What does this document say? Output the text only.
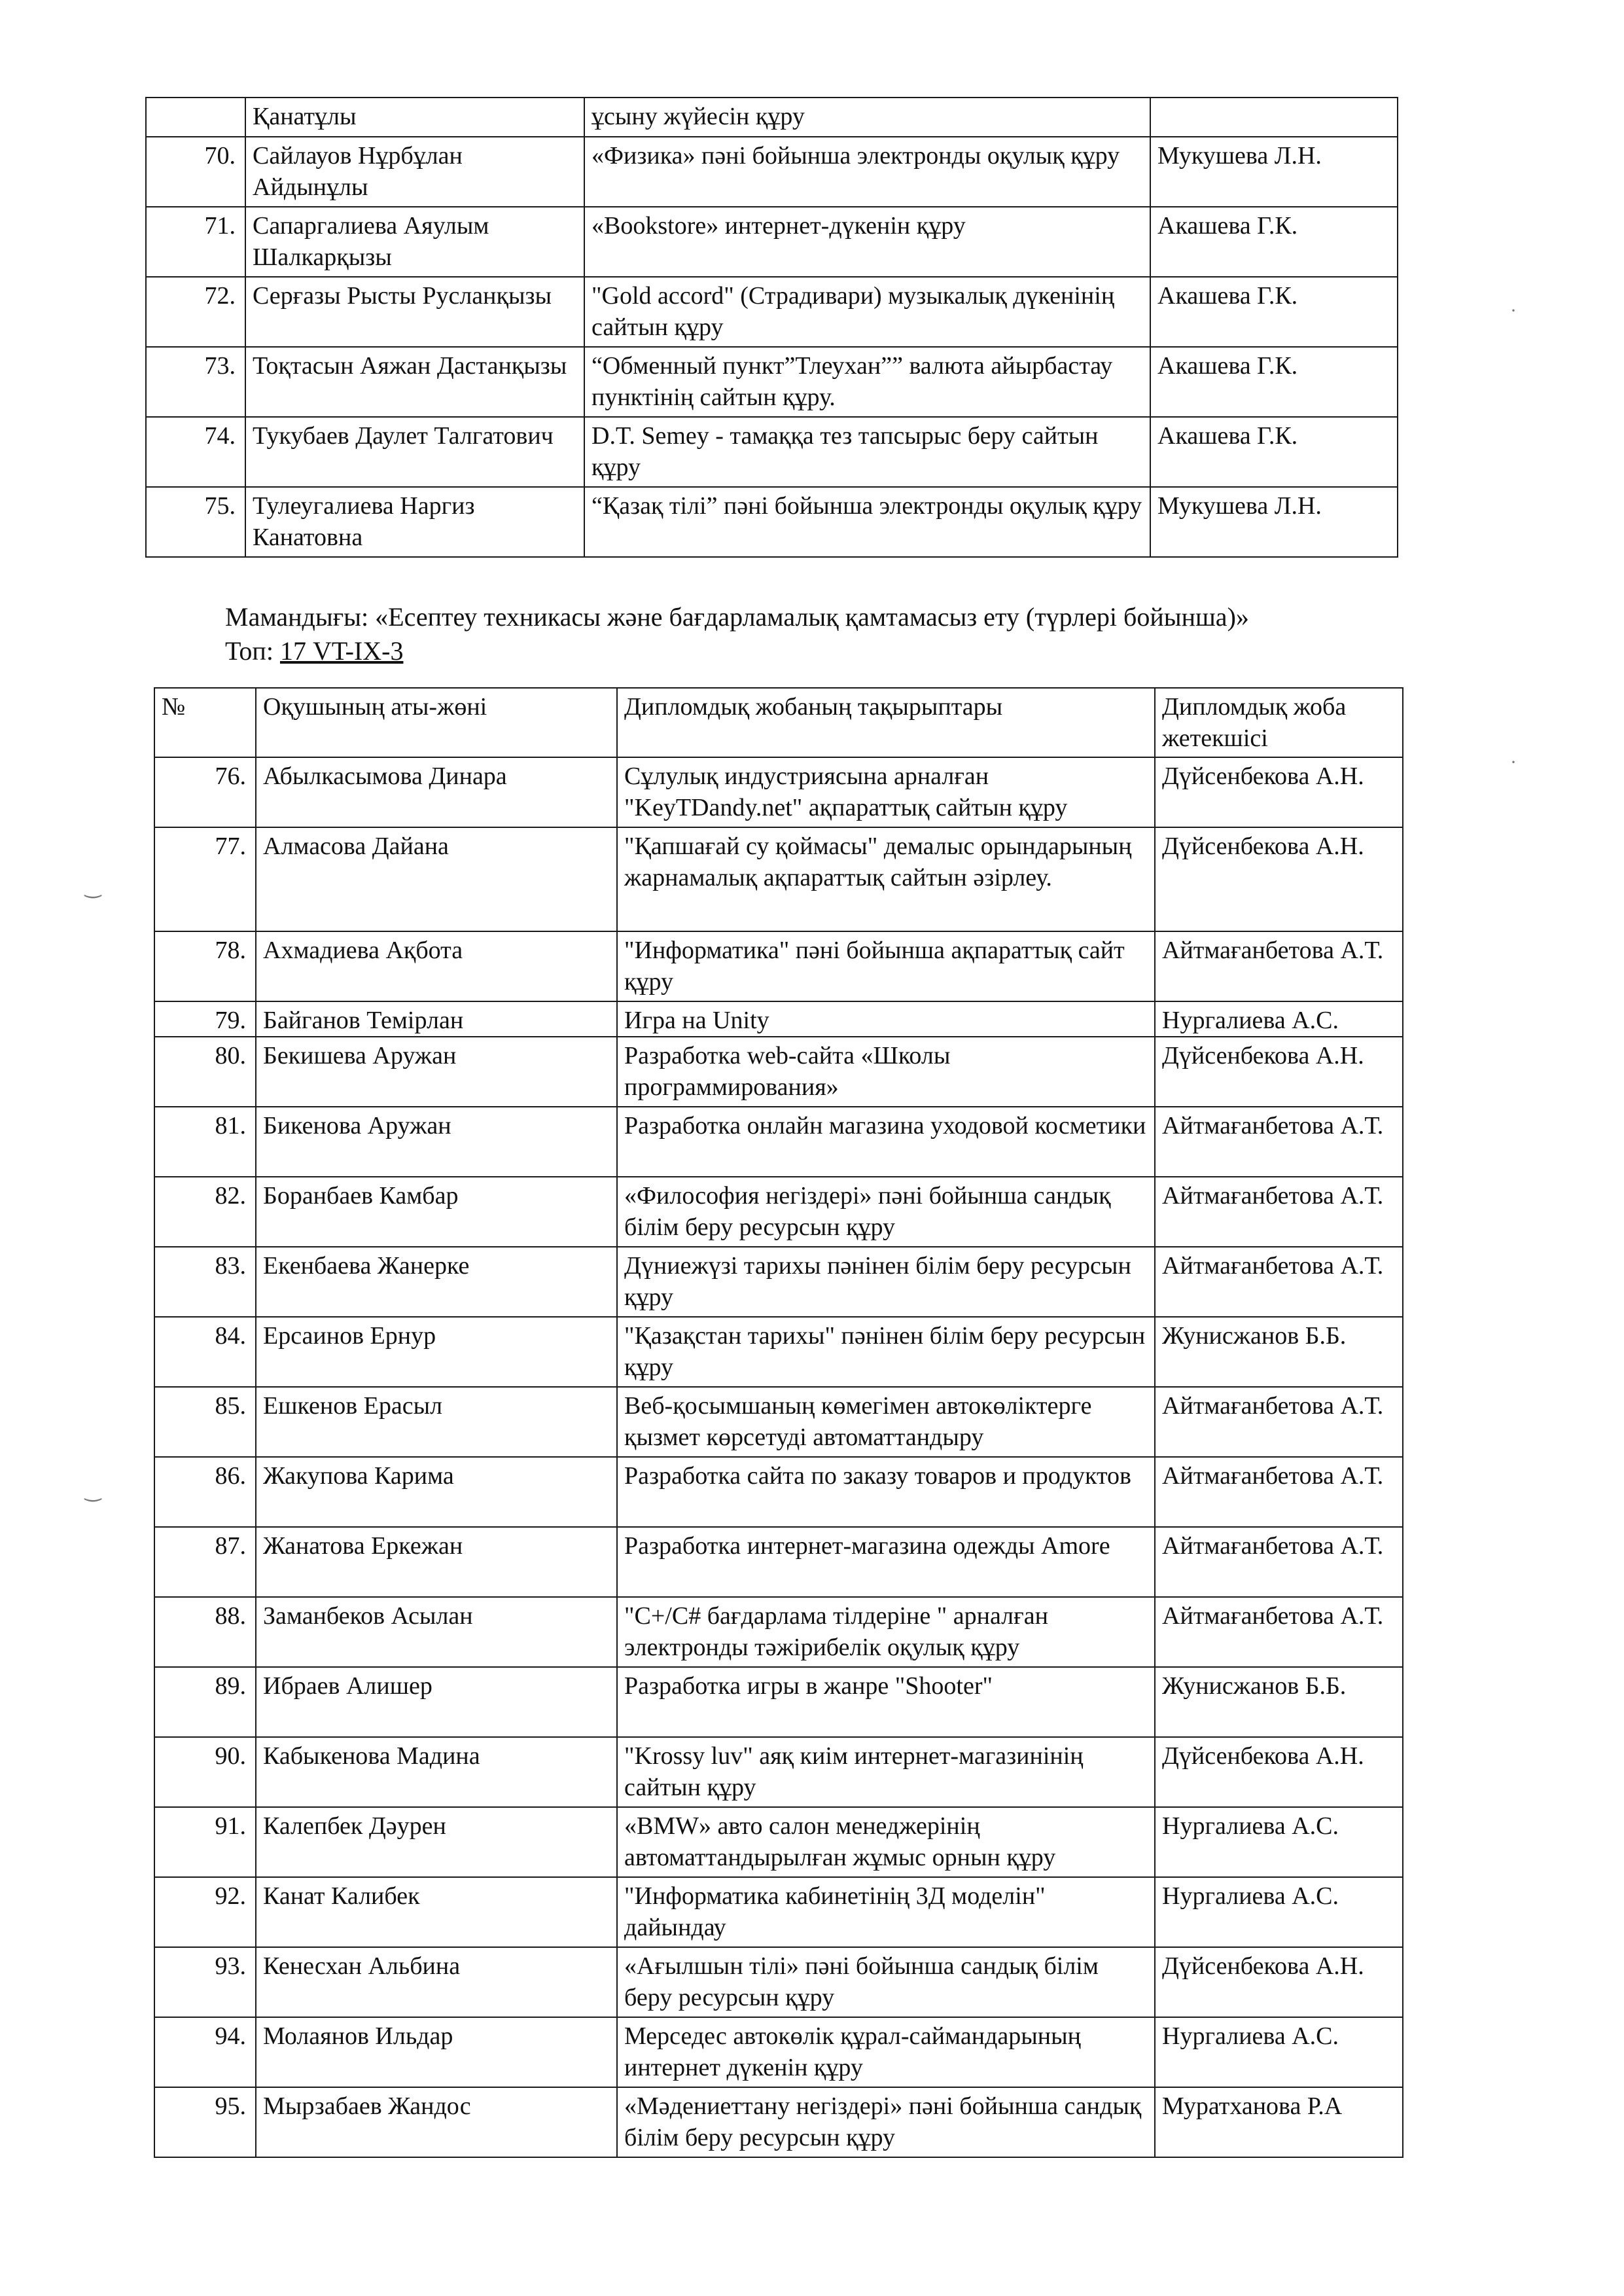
	Қанатұлы	ұсыну жүйесін құру	
70.	Сайлауов Нұрбұлан Айдынұлы	«Физика» пәні бойынша электронды оқулық құру	Мукушева Л.Н.
71.	Сапаргалиева Аяулым Шалкарқызы	«Bookstore» интернет-дүкенін құру	Акашева Г.К.
72.	Серғазы Рысты Русланқызы	"Gold accord" (Страдивари) музыкалық дүкенінің сайтын құру	Акашева Г.К.
73.	Тоқтасын Аяжан Дастанқызы	“Обменный пункт”Тлеухан”” валюта айырбастау пунктінің сайтын құру.	Акашева Г.К.
74.	Тукубаев Даулет Талгатович	D.T. Semey - тамаққа тез тапсырыс беру сайтын құру	Акашева Г.К.
75.	Тулеугалиева Наргиз Канатовна	“Қазақ тілі” пәні бойынша электронды оқулық құру	Мукушева Л.Н.
Мамандығы: «Есептеу техникасы және бағдарламалық қамтамасыз ету (түрлері бойынша)»
Топ: 17 VT-IX-3
№	Оқушының аты-жөні	Дипломдық жобаның тақырыптары	Дипломдық жоба жетекшісі
76.	Абылкасымова Динара	Сұлулық индустриясына арналған "KeyTDandy.net" ақпараттық сайтын құру	Дүйсенбекова А.Н.
77.	Алмасова Дайана	"Қапшағай су қоймасы" демалыс орындарының жарнамалық ақпараттық сайтын әзірлеу.	Дүйсенбекова А.Н.
78.	Ахмадиева Ақбота	"Информатика" пәні бойынша ақпараттық сайт құру	Айтмағанбетова А.Т.
79.	Байганов Темірлан	Игра на Unity	Нургалиева А.С.
80.	Бекишева Аружан	Разработка web-сайта «Школы программирования»	Дүйсенбекова А.Н.
81.	Бикенова Аружан	Разработка онлайн магазина уходовой косметики	Айтмағанбетова А.Т.
82.	Боранбаев Камбар	«Философия негіздері» пәні бойынша сандық білім беру ресурсын құру	Айтмағанбетова А.Т.
83.	Екенбаева Жанерке	Дүниежүзі тарихы пәнінен білім беру ресурсын құру	Айтмағанбетова А.Т.
84.	Ерсаинов Ернур	"Қазақстан тарихы" пәнінен білім беру ресурсын құру	Жунисжанов Б.Б.
85.	Ешкенов Ерасыл	Веб-қосымшаның көмегімен автокөліктерге қызмет көрсетуді автоматтандыру	Айтмағанбетова А.Т.
86.	Жакупова Карима	Разработка сайта по заказу товаров и продуктов	Айтмағанбетова А.Т.
87.	Жанатова Еркежан	Разработка интернет-магазина одежды Amore	Айтмағанбетова А.Т.
88.	Заманбеков Асылан	"C+/C# бағдарлама тілдеріне " арналған электронды тәжірибелік оқулық құру	Айтмағанбетова А.Т.
89.	Ибраев Алишер	Разработка игры в жанре "Shooter"	Жунисжанов Б.Б.
90.	Кабыкенова Мадина	"Krossy luv" аяқ киім интернет-магазинінің сайтын құру	Дүйсенбекова А.Н.
91.	Калепбек Дәурен	«BMW» авто салон менеджерінің автоматтандырылған жұмыс орнын құру	Нургалиева А.С.
92.	Канат Калибек	"Информатика кабинетінің 3Д моделін" дайындау	Нургалиева А.С.
93.	Кенесхан Альбина	«Ағылшын тілі» пәні бойынша сандық білім беру ресурсын құру	Дүйсенбекова А.Н.
94.	Молаянов Ильдар	Мерседес автокөлік құрал-саймандарының интернет дүкенін құру	Нургалиева А.С.
95.	Мырзабаев Жандос	«Мәдениеттану негіздері» пәні бойынша сандық білім беру ресурсын құру	Муратханова Р.А
·
·
‿
‿
